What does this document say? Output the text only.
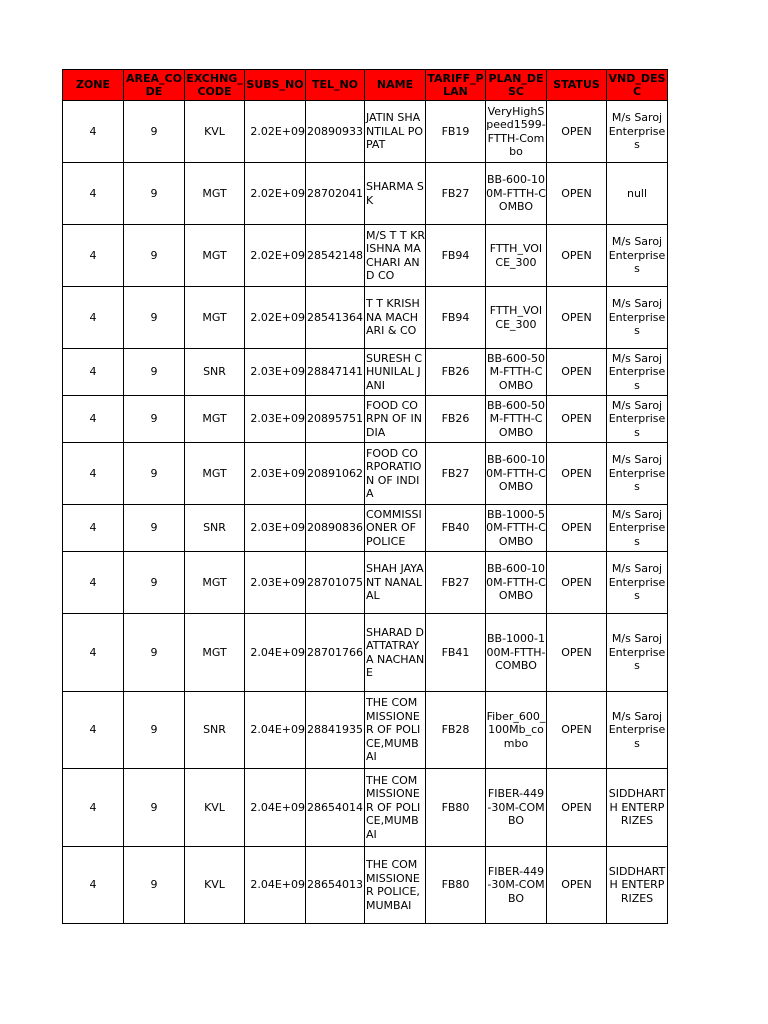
ZONE	AREA_CODE	EXCHNG_CODE	SUBS_NO	TEL_NO	NAME	TARIFF_PLAN	PLAN_DESC	STATUS	VND_DESC
4	9	KVL	2.02E+09	20890933	JATIN SHANTILAL POPAT	FB19	VeryHighSpeed1599-FTTH-Combo	OPEN	M/s Saroj Enterprises
4	9	MGT	2.02E+09	28702041	SHARMA S K	FB27	BB-600-100M-FTTH-COMBO	OPEN	null
4	9	MGT	2.02E+09	28542148	M/S T T KRISHNA MACHARI AND CO	FB94	FTTH_VOICE_300	OPEN	M/s Saroj Enterprises
4	9	MGT	2.02E+09	28541364	T T KRISHNA MACHARI & CO	FB94	FTTH_VOICE_300	OPEN	M/s Saroj Enterprises
4	9	SNR	2.03E+09	28847141	SURESH CHUNILAL JANI	FB26	BB-600-50M-FTTH-COMBO	OPEN	M/s Saroj Enterprises
4	9	MGT	2.03E+09	20895751	FOOD CORPN OF INDIA	FB26	BB-600-50M-FTTH-COMBO	OPEN	M/s Saroj Enterprises
4	9	MGT	2.03E+09	20891062	FOOD CORPORATION OF INDIA	FB27	BB-600-100M-FTTH-COMBO	OPEN	M/s Saroj Enterprises
4	9	SNR	2.03E+09	20890836	COMMISSIONER OF POLICE	FB40	BB-1000-50M-FTTH-COMBO	OPEN	M/s Saroj Enterprises
4	9	MGT	2.03E+09	28701075	SHAH JAYANT NANALAL	FB27	BB-600-100M-FTTH-COMBO	OPEN	M/s Saroj Enterprises
4	9	MGT	2.04E+09	28701766	SHARAD DATTATRAYA NACHANE	FB41	BB-1000-100M-FTTH-COMBO	OPEN	M/s Saroj Enterprises
4	9	SNR	2.04E+09	28841935	THE COMMISSIONER OF POLICE,MUMBAI	FB28	Fiber_600_100Mb_combo	OPEN	M/s Saroj Enterprises
4	9	KVL	2.04E+09	28654014	THE COMMISSIONER OF POLICE,MUMBAI	FB80	FIBER-449-30M-COMBO	OPEN	SIDDHARTH ENTERPRIZES
4	9	KVL	2.04E+09	28654013	THE COMMISSIONER POLICE,MUMBAI	FB80	FIBER-449-30M-COMBO	OPEN	SIDDHARTH ENTERPRIZES
